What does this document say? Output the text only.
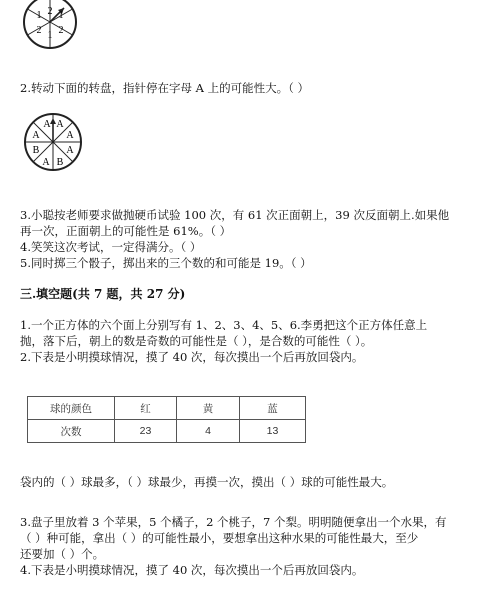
1 2 1
2
1
2
2.转动下面的转盘，指针停在字母 A 上的可能性大。（ ）
A A
A
A
B
A
B
A
3.小聪按老师要求做抛硬币试验 100 次，有 61 次正面朝上，39 次反面朝上.如果他
再一次，正面朝上的可能性是 61%。（ ）
4.笑笑这次考试，一定得满分。（ ）
5.同时掷三个骰子，掷出来的三个数的和可能是 19。（ ）
三.填空题(共 7 题，共 27 分)
1.一个正方体的六个面上分别写有 1、2、3、4、5、6.李勇把这个正方体任意上
抛，落下后，朝上的数是奇数的可能性是（ ），是合数的可能性（ ）。
2.下表是小明摸球情况，摸了 40 次，每次摸出一个后再放回袋内。
球的颜色	红	黄	蓝
次数	23	4	13
袋内的（ ）球最多，（ ）球最少，再摸一次，摸出（ ）球的可能性最大。
3.盘子里放着 3 个苹果，5 个橘子，2 个桃子，7 个梨。明明随便拿出一个水果，有
（ ）种可能，拿出（ ）的可能性最小，要想拿出这种水果的可能性最大，至少
还要加（ ）个。
4.下表是小明摸球情况，摸了 40 次，每次摸出一个后再放回袋内。
